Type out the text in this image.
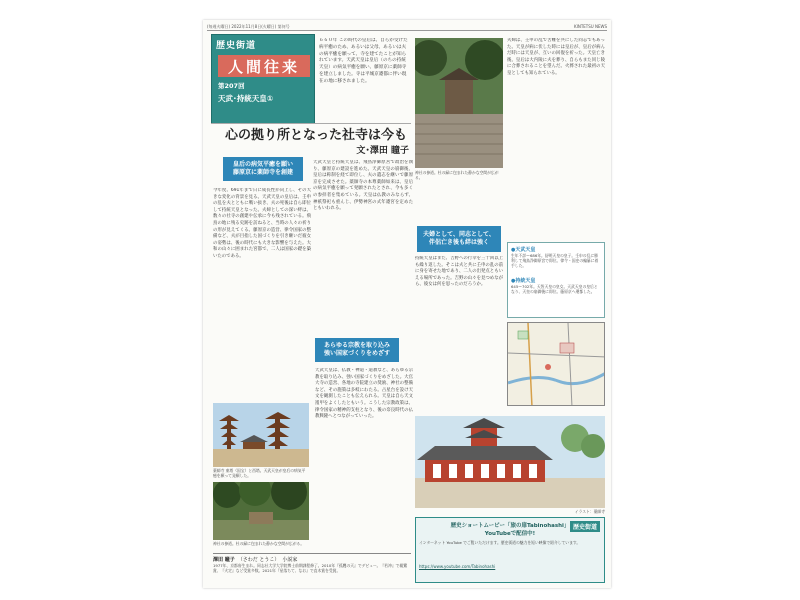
(毎週火曜日) 2022年11月8日(火曜日) 第何号	KINTETSU NEWS
歴史街道
人間往来
第207回
天武･持統天皇①
６６０年 この時代の皇后は、自らが受けた病平癒のため、あるいは父母、あるいは夫の病平癒を願って、寺を建てたことが知られています。天武天皇は皇后（のちの持統天皇）の病気平癒を願い、藤原京に薬師寺を建立しました。寺は平城京遷都に伴い現在の地に移されました。
心の拠り所となった社寺は今も
文･澤田 瞳子
皇后の病気平癒を願い
藤原京に薬師寺を創建
今年度、691年まで日に成長性が向上し、その大きな変化の背景を見る。天武天皇の皇后は、壬申の乱を夫とともに戦い抜き、夫の死後は自ら即位して持統天皇となった。夫婦としての深い絆は、数々の社寺の創建や伝承に今も残されている。飛鳥の地に残る史跡を訪ねると、当時の人々の祈りの形が見えてくる。藤原京の造営、律令国家の整備など、夫が目指した国づくりを引き継いだ彼女の姿勢は、後の時代にも大きな影響を与えた。大和の山々に囲まれた宮都で、二人は国家の礎を築いたのである。
天武天皇と持統天皇は、飛鳥浄御原宮で政治を執り、藤原京の建設を進めた。天武天皇の崩御後、皇后は称制を経て即位し、夫の遺志を継いで藤原京を完成させた。薬師寺の本尊薬師如来は、皇后の病気平癒を願って発願されたとされ、今も多くの参拝者を集めている。天皇は仏教のみならず、神祇祭祀も重んじ、伊勢神宮の式年遷宮を定めたともいわれる。
あらゆる宗教を取り込み
強い国家づくりをめざす
天武天皇は、仏教・神道・道教など、あらゆる宗教を取り込み、強い国家づくりをめざした。大官大寺の造営、各地の寺院建立の奨励、神社の整備など、その施策は多岐にわたる。占星台を設け天文を観測したことも伝えられる。天皇は自ら天文遁甲をよくしたともいう。こうした宗教政策は、律令国家の精神的支柱となり、後の奈良時代の仏教興隆へとつながっていった。
薬師寺 東塔（国宝）と西塔。天武天皇が皇后の病気平癒を願って発願した。
神社の参道。杜の緑に包まれた静かな空間が広がる。
澤田 瞳子 （さわだ とうこ） 小説家
1977年、京都府生まれ。同志社大学大学院博士前期課程修了。2010年『孤鷹の天』でデビュー。『若冲』で親鸞賞、『火定』など受賞多数。2021年『星落ちて、なお』で直木賞を受賞。
神社の参道。杜の緑に包まれた静かな空間が広がる。
夫婦として、同志として、
伴侶亡き後も絆は強く
持統天皇はまた、吉野への行幸を三十回以上も繰り返した。そこは夫と共に壬申の乱の前に身を寄せた地であり、二人の出発点ともいえる場所であった。吉野の山々を見つめながら、彼女は何を思ったのだろうか。
夫婦は、壬申の乱で苦難を共にした同志でもあった。天皇が病に伏した時には皇后が、皇后が病んだ時には天皇が、互いの回復を祈った。天皇亡き後、皇后は大内陵に夫を葬り、自らもまた同じ陵に合葬されることを望んだ。火葬された最初の天皇としても知られている。
●天武天皇
生年不詳〜686年。舒明天皇の皇子。壬申の乱に勝利して飛鳥浄御原宮で即位。律令・国史の編纂に着手した。
●持統天皇
645〜702年。天智天皇の皇女。天武天皇の皇后となり、天皇の崩御後に即位。藤原京へ遷都した。
イラスト：薬師寺
歴史ショートムービー「旅の扉Tabinohashi」
YouTubeで配信中!
歴史街道
インターネット YouTube でご覧いただけます。歴史街道の魅力を短い映像で紹介しています。
https://www.youtube.com/Tabinohashi
